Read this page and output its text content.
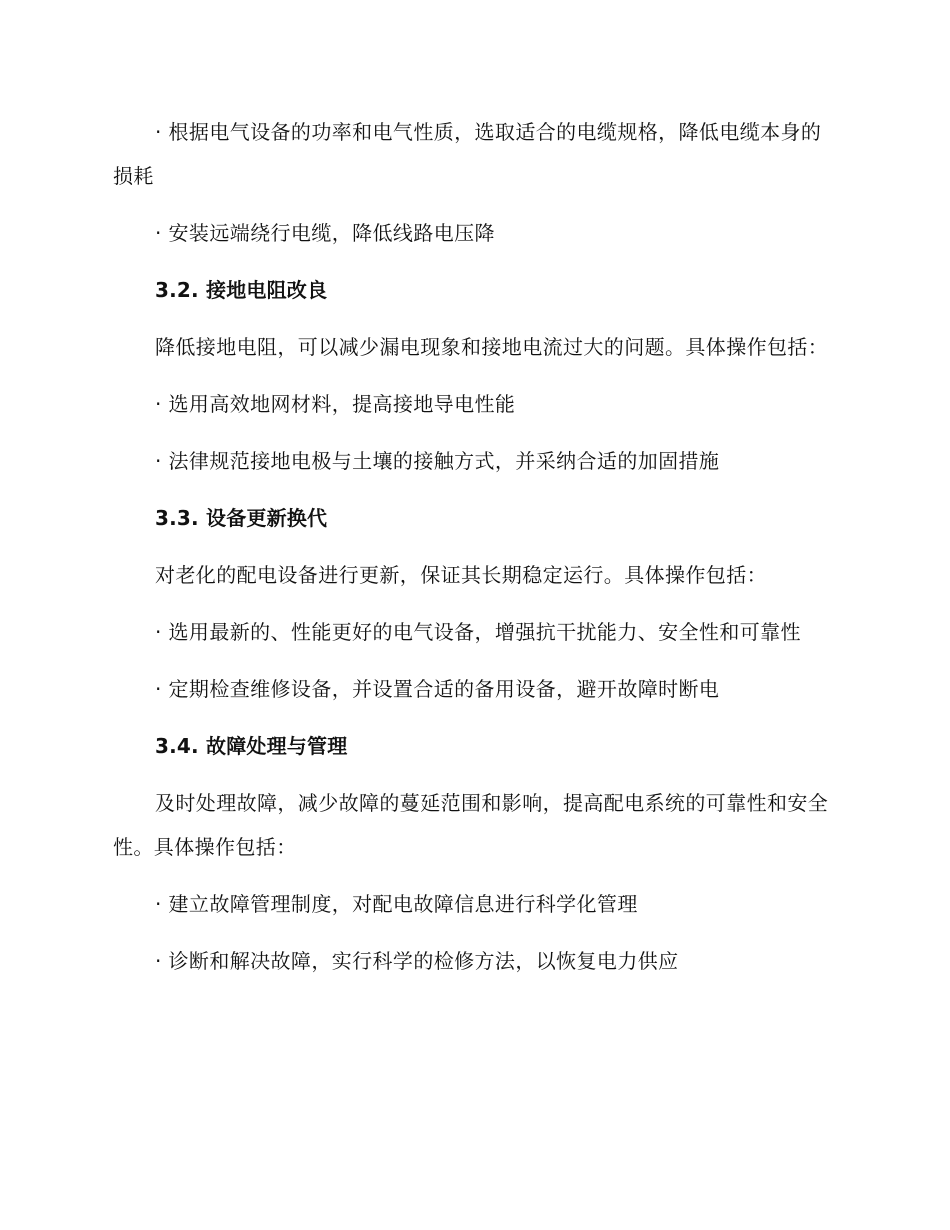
· 根据电气设备的功率和电气性质，选取适合的电缆规格，降低电缆本身的损耗

· 安装远端绕行电缆，降低线路电压降

3.2. 接地电阻改良

降低接地电阻，可以减少漏电现象和接地电流过大的问题。具体操作包括：

· 选用高效地网材料，提高接地导电性能

· 法律规范接地电极与土壤的接触方式，并采纳合适的加固措施

3.3. 设备更新换代

对老化的配电设备进行更新，保证其长期稳定运行。具体操作包括：

· 选用最新的、性能更好的电气设备，增强抗干扰能力、安全性和可靠性

· 定期检查维修设备，并设置合适的备用设备，避开故障时断电

3.4. 故障处理与管理

及时处理故障，减少故障的蔓延范围和影响，提高配电系统的可靠性和安全性。具体操作包括：

· 建立故障管理制度，对配电故障信息进行科学化管理

· 诊断和解决故障，实行科学的检修方法，以恢复电力供应
